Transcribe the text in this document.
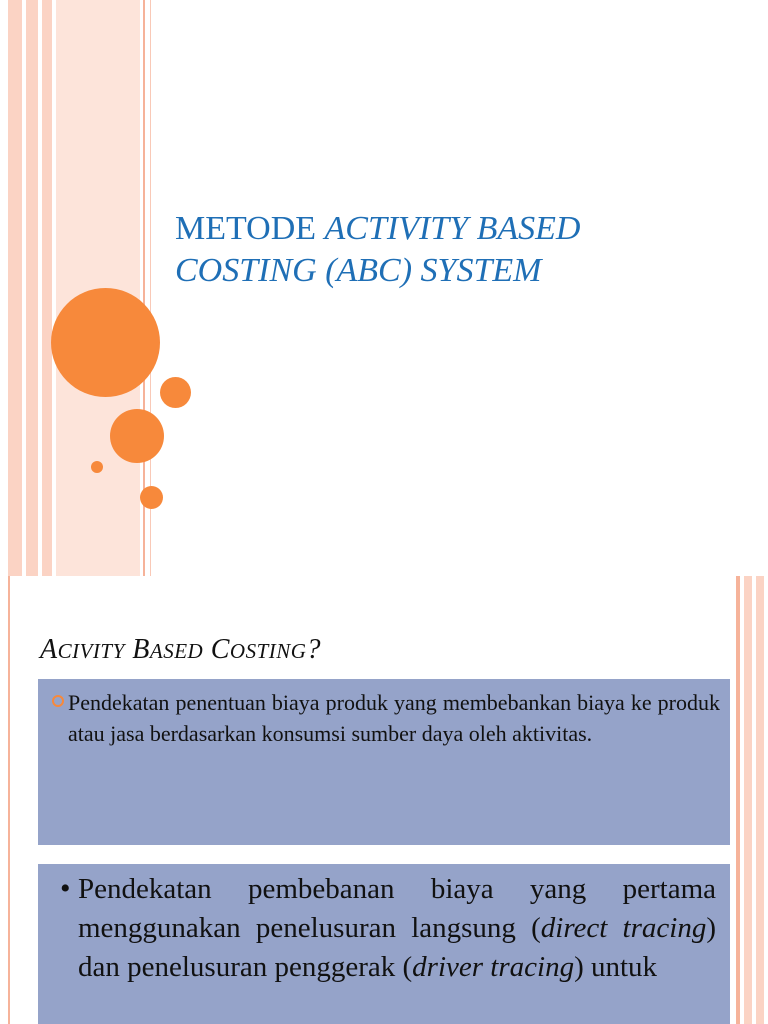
METODE ACTIVITY BASED
COSTING (ABC) SYSTEM
ACIVITY BASED COSTING?

Pendekatan penentuan biaya produk yang membebankan biaya ke produk atau jasa berdasarkan konsumsi sumber daya oleh aktivitas.

• Pendekatan pembebanan biaya yang pertama menggunakan penelusuran langsung (direct tracing) dan penelusuran penggerak (driver tracing) untuk
